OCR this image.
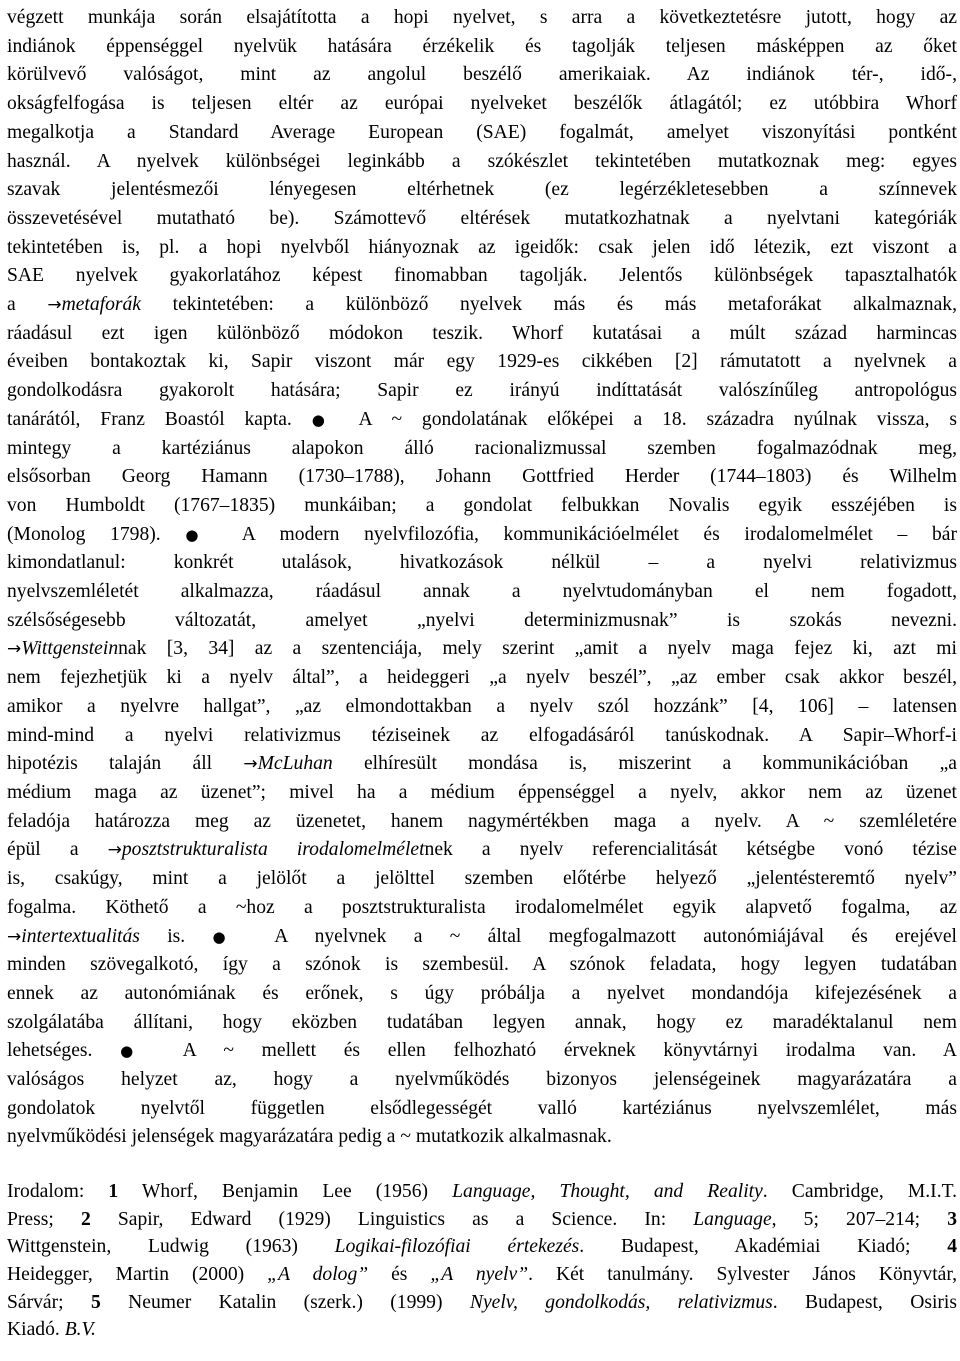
végzett munkája során elsajátította a hopi nyelvet, s arra a következtetésre jutott, hogy az
indiánok éppenséggel nyelvük hatására érzékelik és tagolják teljesen másképpen az őket
körülvevő valóságot, mint az angolul beszélő amerikaiak. Az indiánok tér-, idő-,
okságfelfogása is teljesen eltér az európai nyelveket beszélők átlagától; ez utóbbira Whorf
megalkotja a Standard Average European (SAE) fogalmát, amelyet viszonyítási pontként
használ. A nyelvek különbségei leginkább a szókészlet tekintetében mutatkoznak meg: egyes
szavak jelentésmezői lényegesen eltérhetnek (ez legérzékletesebben a színnevek
összevetésével mutatható be). Számottevő eltérések mutatkozhatnak a nyelvtani kategóriák
tekintetében is, pl. a hopi nyelvből hiányoznak az igeidők: csak jelen idő létezik, ezt viszont a
SAE nyelvek gyakorlatához képest finomabban tagolják. Jelentős különbségek tapasztalhatók
a →metaforák tekintetében: a különböző nyelvek más és más metaforákat alkalmaznak,
ráadásul ezt igen különböző módokon teszik. Whorf kutatásai a múlt század harmincas
éveiben bontakoztak ki, Sapir viszont már egy 1929-es cikkében [2] rámutatott a nyelvnek a
gondolkodásra gyakorolt hatására; Sapir ez irányú indíttatását valószínűleg antropológus
tanárától, Franz Boastól kapta. ● A ~ gondolatának előképei a 18. századra nyúlnak vissza, s
mintegy a kartéziánus alapokon álló racionalizmussal szemben fogalmazódnak meg,
elsősorban Georg Hamann (1730–1788), Johann Gottfried Herder (1744–1803) és Wilhelm
von Humboldt (1767–1835) munkáiban; a gondolat felbukkan Novalis egyik esszéjében is
(Monolog 1798). ● A modern nyelvfilozófia, kommunikációelmélet és irodalomelmélet – bár
kimondatlanul: konkrét utalások, hivatkozások nélkül – a nyelvi relativizmus
nyelvszemléletét alkalmazza, ráadásul annak a nyelvtudományban el nem fogadott,
szélsőségesebb változatát, amelyet „nyelvi determinizmusnak” is szokás nevezni.
→Wittgensteinnak [3, 34] az a szentenciája, mely szerint „amit a nyelv maga fejez ki, azt mi
nem fejezhetjük ki a nyelv által”, a heideggeri „a nyelv beszél”, „az ember csak akkor beszél,
amikor a nyelvre hallgat”, „az elmondottakban a nyelv szól hozzánk” [4, 106] – latensen
mind-mind a nyelvi relativizmus téziseinek az elfogadásáról tanúskodnak. A Sapir–Whorf-i
hipotézis talaján áll →McLuhan elhíresült mondása is, miszerint a kommunikációban „a
médium maga az üzenet”; mivel ha a médium éppenséggel a nyelv, akkor nem az üzenet
feladója határozza meg az üzenetet, hanem nagymértékben maga a nyelv. A ~ szemléletére
épül a →posztstrukturalista irodalomelméletnek a nyelv referencialitását kétségbe vonó tézise
is, csakúgy, mint a jelölőt a jelölttel szemben előtérbe helyező „jelentésteremtő nyelv”
fogalma. Köthető a ~hoz a posztstrukturalista irodalomelmélet egyik alapvető fogalma, az
→intertextualitás is. ● A nyelvnek a ~ által megfogalmazott autonómiájával és erejével
minden szövegalkotó, így a szónok is szembesül. A szónok feladata, hogy legyen tudatában
ennek az autonómiának és erőnek, s úgy próbálja a nyelvet mondandója kifejezésének a
szolgálatába állítani, hogy eközben tudatában legyen annak, hogy ez maradéktalanul nem
lehetséges. ● A ~ mellett és ellen felhozható érveknek könyvtárnyi irodalma van. A
valóságos helyzet az, hogy a nyelvműködés bizonyos jelenségeinek magyarázatára a
gondolatok nyelvtől független elsődlegességét valló kartéziánus nyelvszemlélet, más
nyelvműködési jelenségek magyarázatára pedig a ~ mutatkozik alkalmasnak.
Irodalom: 1 Whorf, Benjamin Lee (1956) Language, Thought, and Reality. Cambridge, M.I.T.
Press; 2 Sapir, Edward (1929) Linguistics as a Science. In: Language, 5; 207–214; 3
Wittgenstein, Ludwig (1963) Logikai-filozófiai értekezés. Budapest, Akadémiai Kiadó; 4
Heidegger, Martin (2000) „A dolog” és „A nyelv”. Két tanulmány. Sylvester János Könyvtár,
Sárvár; 5 Neumer Katalin (szerk.) (1999) Nyelv, gondolkodás, relativizmus. Budapest, Osiris
Kiadó. B.V.
